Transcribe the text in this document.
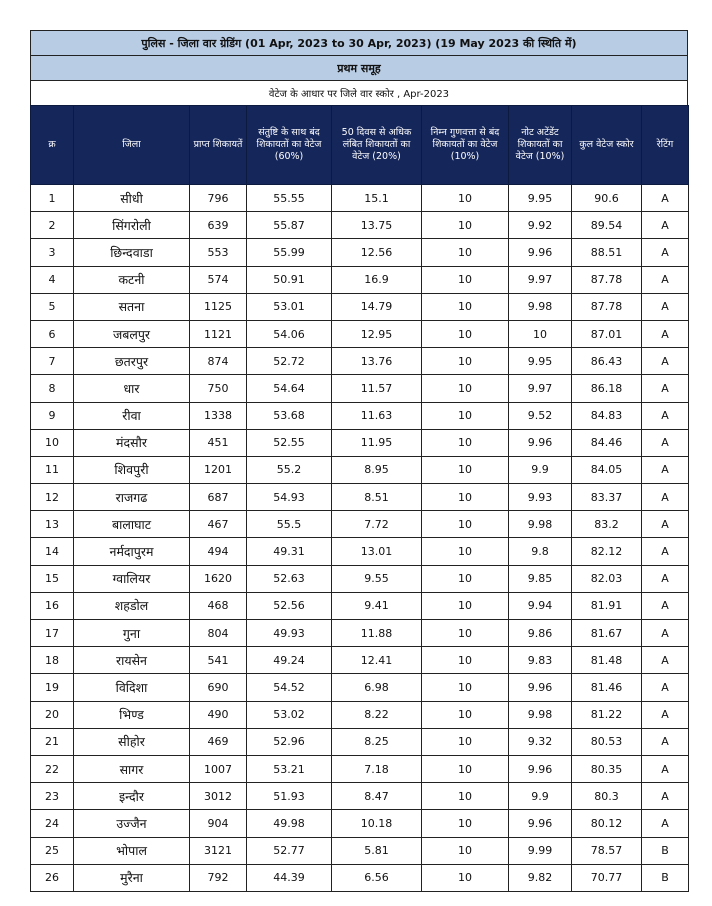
पुलिस - जिला वार ग्रेडिंग (01 Apr, 2023 to 30 Apr, 2023) (19 May 2023 की स्थिति में)
प्रथम समूह
वेटेज के आधार पर जिले वार स्कोर , Apr-2023
क्र	जिला	प्राप्त शिकायतें	संतुष्टि के साथ बंद शिकायतों का वेटेज (60%)	50 दिवस से अधिक लंबित शिकायतों का वेटेज (20%)	निम्न गुणवत्ता से बंद शिकायतों का वेटेज (10%)	नोट अटेंडेंट शिकायतों का वेटेज (10%)	कुल वेटेज स्कोर	रेटिंग
1	सीधी	796	55.55	15.1	10	9.95	90.6	A
2	सिंगरोली	639	55.87	13.75	10	9.92	89.54	A
3	छिन्दवाडा	553	55.99	12.56	10	9.96	88.51	A
4	कटनी	574	50.91	16.9	10	9.97	87.78	A
5	सतना	1125	53.01	14.79	10	9.98	87.78	A
6	जबलपुर	1121	54.06	12.95	10	10	87.01	A
7	छतरपुर	874	52.72	13.76	10	9.95	86.43	A
8	धार	750	54.64	11.57	10	9.97	86.18	A
9	रीवा	1338	53.68	11.63	10	9.52	84.83	A
10	मंदसौर	451	52.55	11.95	10	9.96	84.46	A
11	शिवपुरी	1201	55.2	8.95	10	9.9	84.05	A
12	राजगढ	687	54.93	8.51	10	9.93	83.37	A
13	बालाघाट	467	55.5	7.72	10	9.98	83.2	A
14	नर्मदापुरम	494	49.31	13.01	10	9.8	82.12	A
15	ग्वालियर	1620	52.63	9.55	10	9.85	82.03	A
16	शहडोल	468	52.56	9.41	10	9.94	81.91	A
17	गुना	804	49.93	11.88	10	9.86	81.67	A
18	रायसेन	541	49.24	12.41	10	9.83	81.48	A
19	विदिशा	690	54.52	6.98	10	9.96	81.46	A
20	भिण्ड	490	53.02	8.22	10	9.98	81.22	A
21	सीहोर	469	52.96	8.25	10	9.32	80.53	A
22	सागर	1007	53.21	7.18	10	9.96	80.35	A
23	इन्दौर	3012	51.93	8.47	10	9.9	80.3	A
24	उज्जैन	904	49.98	10.18	10	9.96	80.12	A
25	भोपाल	3121	52.77	5.81	10	9.99	78.57	B
26	मुरैना	792	44.39	6.56	10	9.82	70.77	B
